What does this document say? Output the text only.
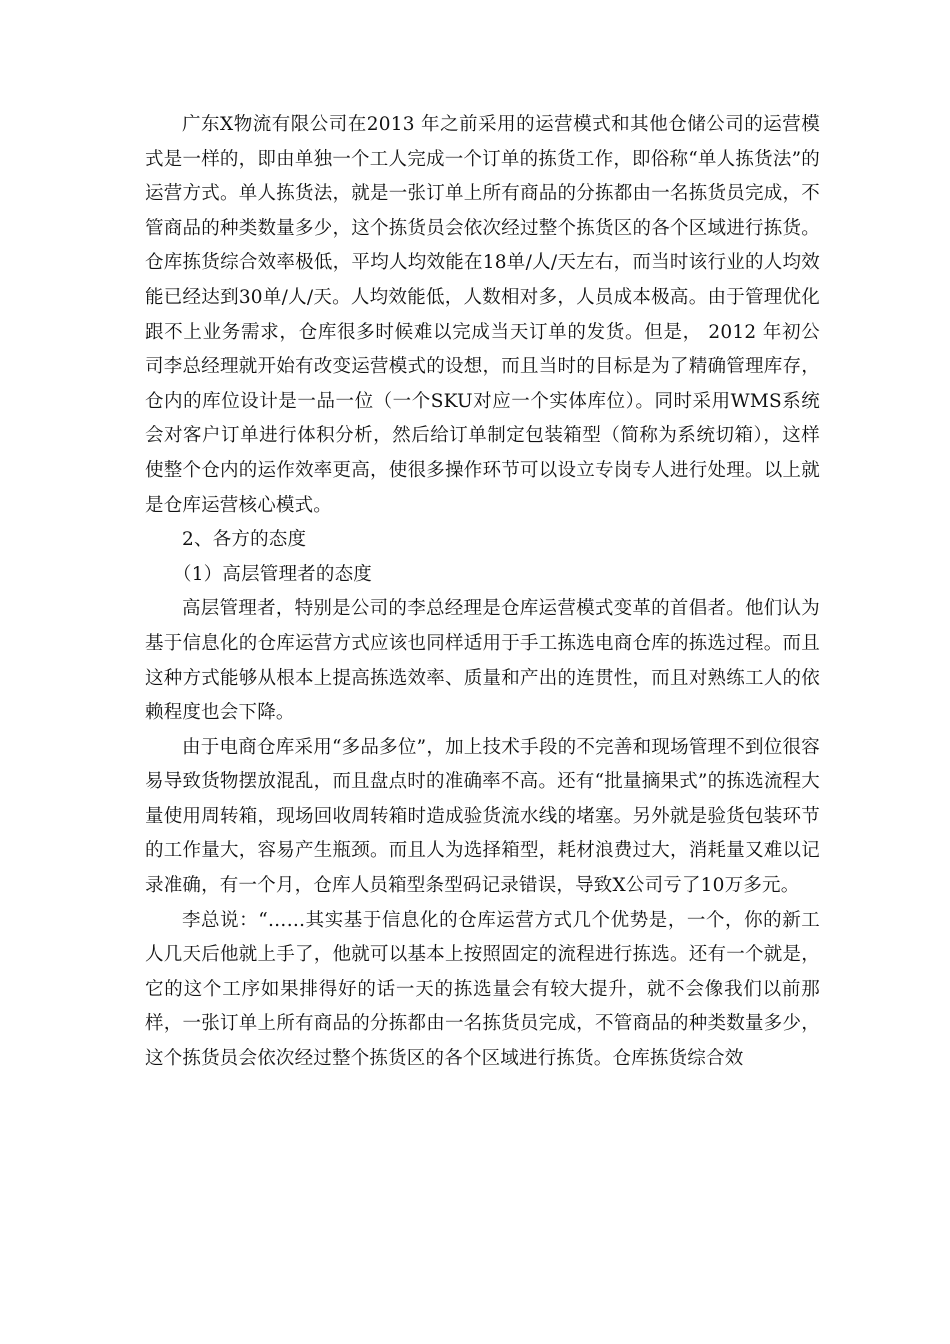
广东X物流有限公司在2013 年之前采用的运营模式和其他仓储公司的运营模式是一样的，即由单独一个工人完成一个订单的拣货工作，即俗称“单人拣货法”的运营方式。单人拣货法，就是一张订单上所有商品的分拣都由一名拣货员完成，不管商品的种类数量多少，这个拣货员会依次经过整个拣货区的各个区域进行拣货。仓库拣货综合效率极低，平均人均效能在18单/人/天左右，而当时该行业的人均效能已经达到30单/人/天。人均效能低，人数相对多，人员成本极高。由于管理优化跟不上业务需求，仓库很多时候难以完成当天订单的发货。但是， 2012 年初公司李总经理就开始有改变运营模式的设想，而且当时的目标是为了精确管理库存，仓内的库位设计是一品一位（一个SKU对应一个实体库位）。同时采用WMS系统会对客户订单进行体积分析，然后给订单制定包装箱型（简称为系统切箱），这样使整个仓内的运作效率更高，使很多操作环节可以设立专岗专人进行处理。以上就是仓库运营核心模式。

2、各方的态度

（1）高层管理者的态度

高层管理者，特别是公司的李总经理是仓库运营模式变革的首倡者。他们认为基于信息化的仓库运营方式应该也同样适用于手工拣选电商仓库的拣选过程。而且这种方式能够从根本上提高拣选效率、质量和产出的连贯性，而且对熟练工人的依赖程度也会下降。

由于电商仓库采用“多品多位”，加上技术手段的不完善和现场管理不到位很容易导致货物摆放混乱，而且盘点时的准确率不高。还有“批量摘果式”的拣选流程大量使用周转箱，现场回收周转箱时造成验货流水线的堵塞。另外就是验货包装环节的工作量大，容易产生瓶颈。而且人为选择箱型，耗材浪费过大，消耗量又难以记录准确，有一个月，仓库人员箱型条型码记录错误，导致X公司亏了10万多元。

李总说：“……其实基于信息化的仓库运营方式几个优势是，一个，你的新工人几天后他就上手了，他就可以基本上按照固定的流程进行拣选。还有一个就是，它的这个工序如果排得好的话一天的拣选量会有较大提升，就不会像我们以前那样，一张订单上所有商品的分拣都由一名拣货员完成，不管商品的种类数量多少，这个拣货员会依次经过整个拣货区的各个区域进行拣货。仓库拣货综合效
